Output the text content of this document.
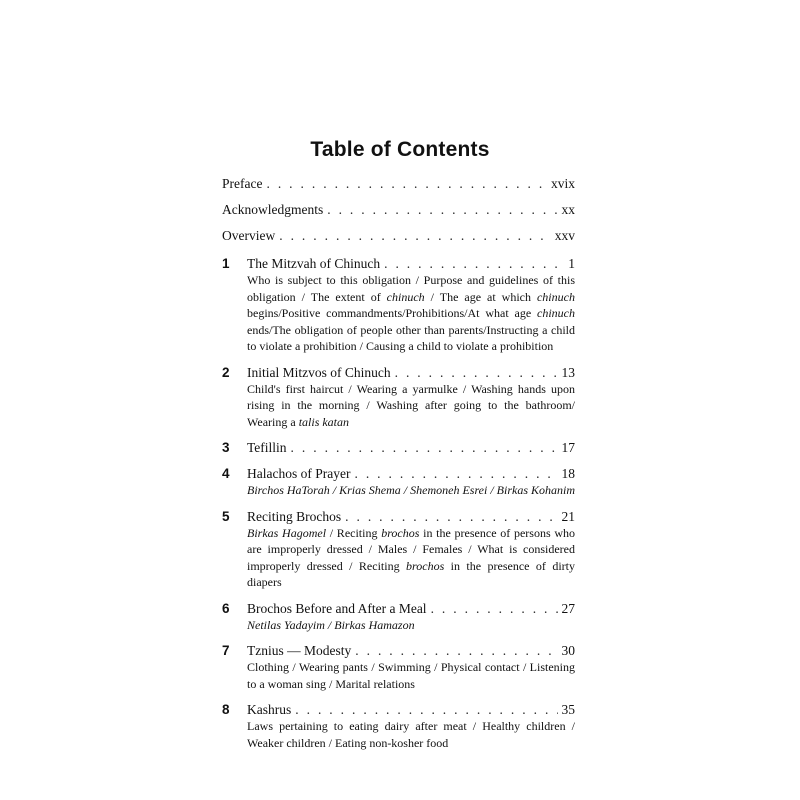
Table of Contents
Preface . . .	xvix
Acknowledgments . . .	xx
Overview . . .	xxv
1	The Mitzvah of Chinuch . . .	1
Who is subject to this obligation / Purpose and guidelines of this obligation / The extent of chinuch / The age at which chinuch begins/Positive commandments/Prohibitions/At what age chinuch ends/The obligation of people other than parents/Instructing a child to violate a prohibition / Causing a child to violate a prohibition
2	Initial Mitzvos of Chinuch . . .	13
Child's first haircut / Wearing a yarmulke / Washing hands upon rising in the morning / Washing after going to the bathroom/ Wearing a talis katan
3	Tefillin . . .	17
4	Halachos of Prayer . . .	18
Birchos HaTorah / Krias Shema / Shemoneh Esrei / Birkas Kohanim
5	Reciting Brochos . . .	21
Birkas Hagomel / Reciting brochos in the presence of persons who are improperly dressed / Males / Females / What is considered improperly dressed / Reciting brochos in the presence of dirty diapers
6	Brochos Before and After a Meal . . .	27
Netilas Yadayim / Birkas Hamazon
7	Tznius — Modesty . . .	30
Clothing / Wearing pants / Swimming / Physical contact / Listening to a woman sing / Marital relations
8	Kashrus . . .	35
Laws pertaining to eating dairy after meat / Healthy children / Weaker children / Eating non-kosher food
